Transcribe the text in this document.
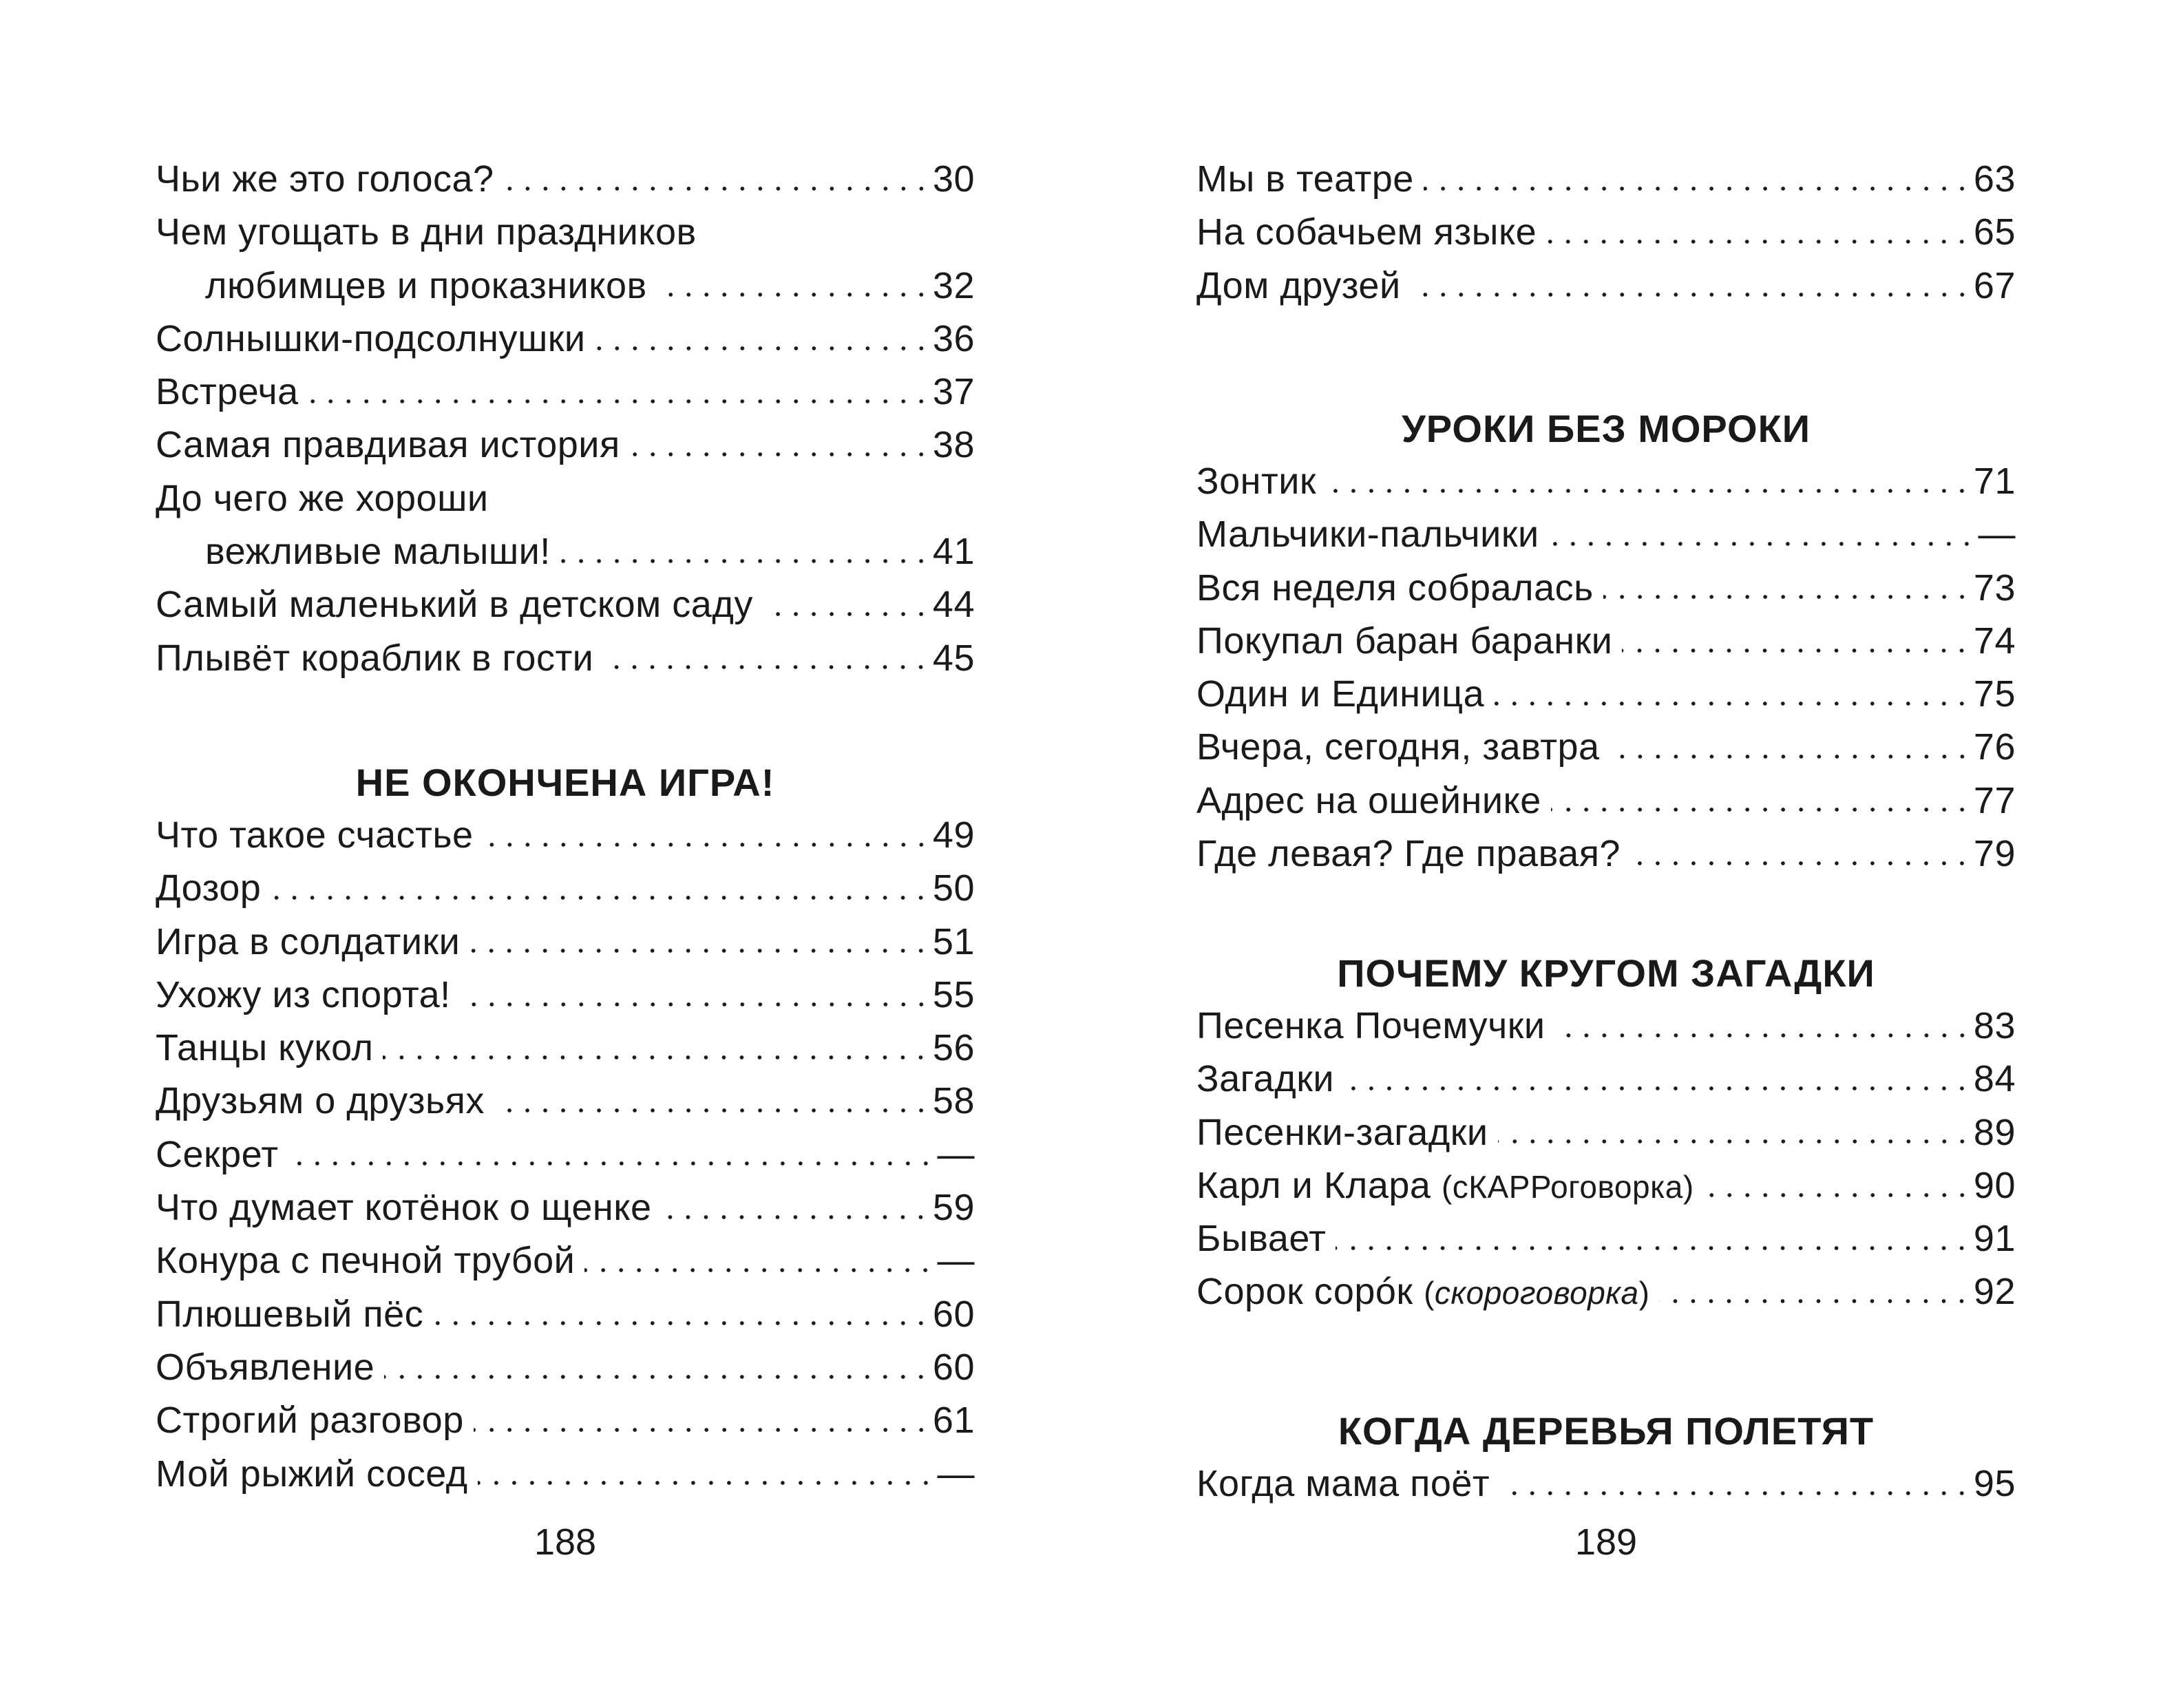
Чьи же это голоса?	30
Чем угощать в дни праздников
любимцев и проказников	32
Солнышки-подсолнушки	36
Встреча	37
Самая правдивая история	38
До чего же хороши
вежливые малыши!	41
Самый маленький в детском саду	44
Плывёт кораблик в гости	45
НЕ ОКОНЧЕНА ИГРА!
Что такое счастье	49
Дозор	50
Игра в солдатики	51
Ухожу из спорта!	55
Танцы кукол	56
Друзьям о друзьях	58
Секрет	—
Что думает котёнок о щенке	59
Конура с печной трубой	—
Плюшевый пёс	60
Объявление	60
Строгий разговор	61
Мой рыжий сосед	—
188
Мы в театре	63
На собачьем языке	65
Дом друзей	67
УРОКИ БЕЗ МОРОКИ
Зонтик	71
Мальчики-пальчики	—
Вся неделя собралась	73
Покупал баран баранки	74
Один и Единица	75
Вчера, сегодня, завтра	76
Адрес на ошейнике	77
Где левая? Где правая?	79
ПОЧЕМУ КРУГОМ ЗАГАДКИ
Песенка Почемучки	83
Загадки	84
Песенки-загадки	89
Карл и Клара (сКАРРоговорка)	90
Бывает	91
Сорок сорóк (скороговорка)	92
КОГДА ДЕРЕВЬЯ ПОЛЕТЯТ
Когда мама поёт	95
189
